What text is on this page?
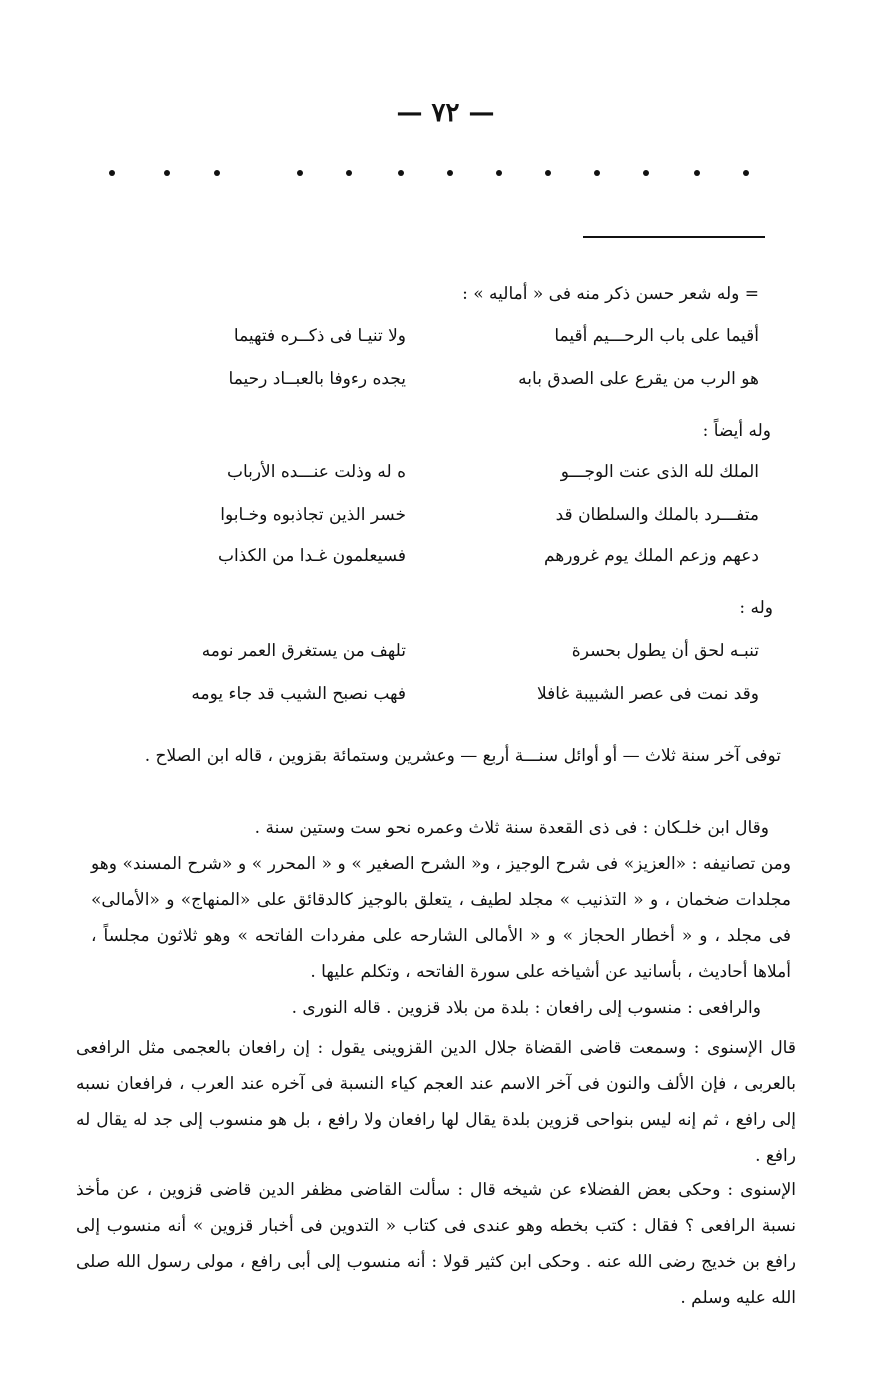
— ٧٢ —
= وله شعر حسن ذكر منه فى « أماليه » :
أقيما على باب الرحـــيم أقيما
ولا تنيـا فى ذكــره فتهيما
هو الرب من يقرع على الصدق بابه
يجده رءوفا بالعبــاد رحيما
وله أيضاً :
الملك لله الذى عنت الوجـــو
ه له وذلت عنـــده الأرباب
متفـــرد بالملك والسلطان قد
خسر الذين تجاذبوه وخـابوا
دعهم وزعم الملك يوم غرورهم
فسيعلمون غـدا من الكذاب
وله :
تنبـه لحق أن يطول بحسرة
تلهف من يستغرق العمر نومه
وقد نمت فى عصر الشبيبة غافلا
فهب نصبح الشيب قد جاء يومه
توفى آخر سنة ثلاث — أو أوائل سنـــة أربع — وعشرين وستمائة بقزوين ، قاله ابن الصلاح .
وقال ابن خلـكان : فى ذى القعدة سنة ثلاث وعمره نحو ست وستين سنة .
ومن تصانيفه : «العزيز» فى شرح الوجيز ، و« الشرح الصغير » و « المحرر » و «شرح المسند» وهو مجلدات ضخمان ، و « التذنيب » مجلد لطيف ، يتعلق بالوجيز كالدقائق على «المنهاج» و «الأمالى» فى مجلد ، و « أخطار الحجاز » و « الأمالى الشارحه على مفردات الفاتحه » وهو ثلاثون مجلساً ، أملاها أحاديث ، بأسانيد عن أشياخه على سورة الفاتحه ، وتكلم عليها .
والرافعى : منسوب إلى رافعان : بلدة من بلاد قزوين . قاله النورى .
قال الإسنوى : وسمعت قاضى القضاة جلال الدين القزوينى يقول : إن رافعان بالعجمى مثل الرافعى بالعربى ، فإن الألف والنون فى آخر الاسم عند العجم كياء النسبة فى آخره عند العرب ، فرافعان نسبه إلى رافع ، ثم إنه ليس بنواحى قزوين بلدة يقال لها رافعان ولا رافع ، بل هو منسوب إلى جد له يقال له رافع .
الإسنوى : وحكى بعض الفضلاء عن شيخه قال : سألت القاضى مظفر الدين قاضى قزوين ، عن مأخذ نسبة الرافعى ؟ فقال : كتب بخطه وهو عندى فى كتاب « التدوين فى أخبار قزوين » أنه منسوب إلى رافع بن خديج رضى الله عنه . وحكى ابن كثير قولا : أنه منسوب إلى أبى رافع ، مولى رسول الله صلى الله عليه وسلم .
